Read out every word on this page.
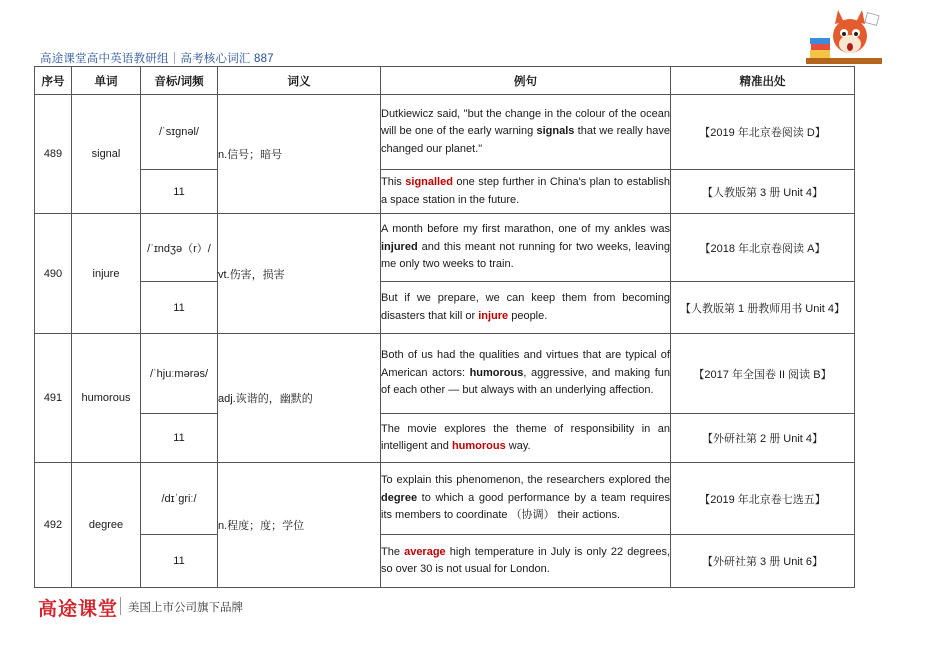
高途课堂高中英语教研组｜高考核心词汇 887
序号	单词	音标/词频	词义	例句	精准出处
489	signal	/ˈsɪɡnəl/	n.信号；暗号	Dutkiewicz said, "but the change in the colour of the ocean will be one of the early warning signals that we really have changed our planet."	【2019 年北京卷阅读 D】
		11		This signalled one step further in China's plan to establish a space station in the future.	【人教版第 3 册 Unit 4】
490	injure	/ˈɪndʒə（r）/	vt.伤害，损害	A month before my first marathon, one of my ankles was injured and this meant not running for two weeks, leaving me only two weeks to train.	【2018 年北京卷阅读 A】
		11		But if we prepare, we can keep them from becoming disasters that kill or injure people.	【人教版第 1 册教师用书 Unit 4】
491	humorous	/ˈhjuːmərəs/	adj.诙谐的，幽默的	Both of us had the qualities and virtues that are typical of American actors: humorous, aggressive, and making fun of each other — but always with an underlying affection.	【2017 年全国卷 II 阅读 B】
		11		The movie explores the theme of responsibility in an intelligent and humorous way.	【外研社第 2 册 Unit 4】
492	degree	/dɪˈɡriː/	n.程度；度；学位	To explain this phenomenon, the researchers explored the degree to which a good performance by a team requires its members to coordinate （协调） their actions.	【2019 年北京卷七选五】
		11		The average high temperature in July is only 22 degrees, so over 30 is not usual for London.	【外研社第 3 册 Unit 6】
高途课堂 美国上市公司旗下品牌
